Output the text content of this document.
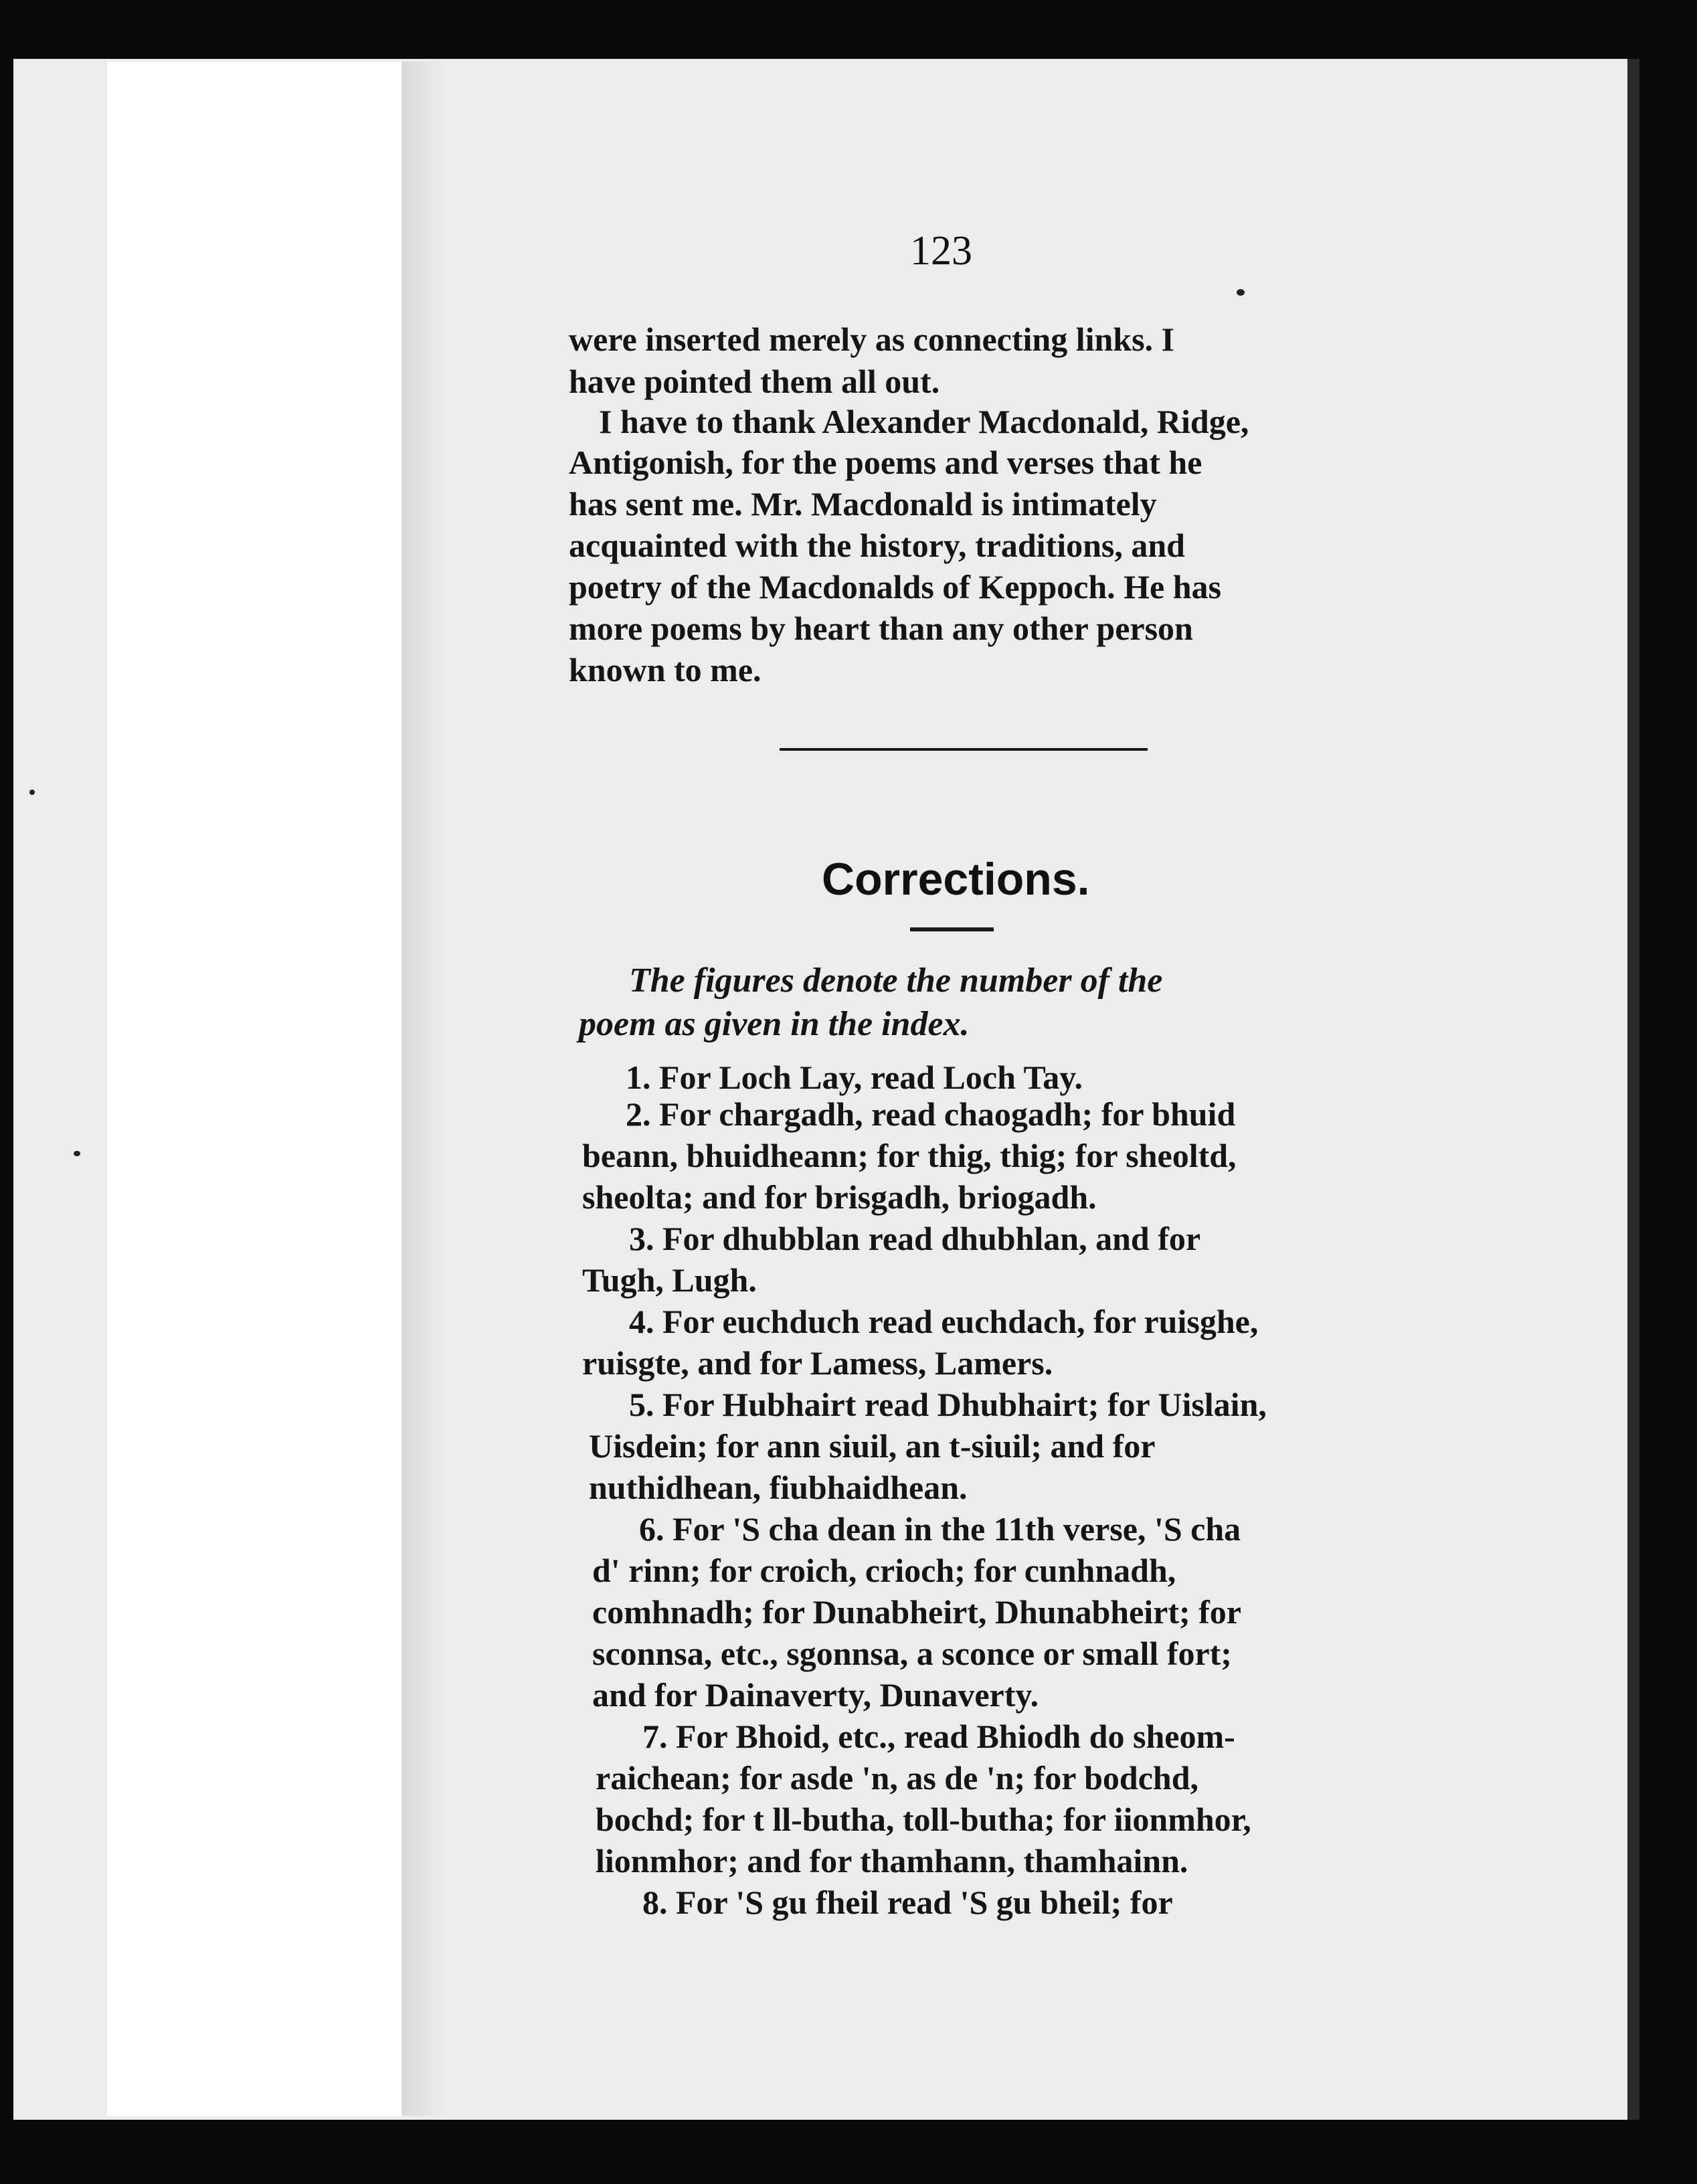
123
were inserted merely as connecting links. I
have pointed them all out.
I have to thank Alexander Macdonald, Ridge,
Antigonish, for the poems and verses that he
has sent me. Mr. Macdonald is intimately
acquainted with the history, traditions, and
poetry of the Macdonalds of Keppoch. He has
more poems by heart than any other person
known to me.
Corrections.
The figures denote the number of the
poem as given in the index.
1. For Loch Lay, read Loch Tay.
2. For chargadh, read chaogadh; for bhuid
beann, bhuidheann; for thig, thig; for sheoltd,
sheolta; and for brisgadh, briogadh.
3. For dhubblan read dhubhlan, and for
Tugh, Lugh.
4. For euchduch read euchdach, for ruisghe,
ruisgte, and for Lamess, Lamers.
5. For Hubhairt read Dhubhairt; for Uislain,
Uisdein; for ann siuil, an t-siuil; and for
nuthidhean, fiubhaidhean.
6. For 'S cha dean in the 11th verse, 'S cha
d' rinn; for croich, crioch; for cunhnadh,
comhnadh; for Dunabheirt, Dhunabheirt; for
sconnsa, etc., sgonnsa, a sconce or small fort;
and for Dainaverty, Dunaverty.
7. For Bhoid, etc., read Bhiodh do sheom-
raichean; for asde 'n, as de 'n; for bodchd,
bochd; for t ll-butha, toll-butha; for iionmhor,
lionmhor; and for thamhann, thamhainn.
8. For 'S gu fheil read 'S gu bheil; for
